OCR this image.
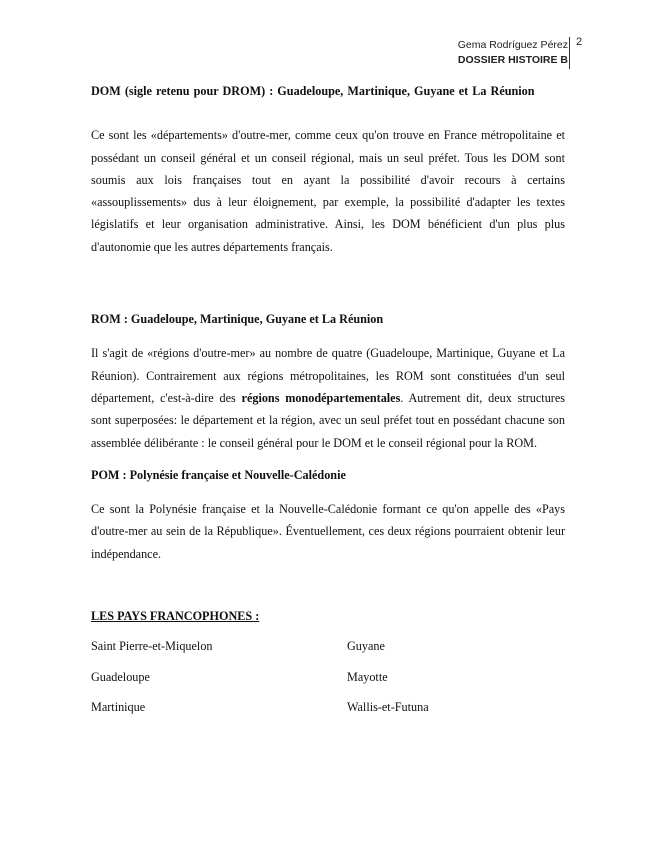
Gema Rodríguez Pérez
DOSSIER HISTOIRE B
2

DOM (sigle retenu pour DROM) : Guadeloupe, Martinique, Guyane et La Réunion

Ce sont les «départements» d'outre-mer, comme ceux qu'on trouve en France métropolitaine et possédant un conseil général et un conseil régional, mais un seul préfet. Tous les DOM sont soumis aux lois françaises tout en ayant la possibilité d'avoir recours à certains «assouplissements» dus à leur éloignement, par exemple, la possibilité d'adapter les textes législatifs et leur organisation administrative. Ainsi, les DOM bénéficient d'un plus plus d'autonomie que les autres départements français.

ROM : Guadeloupe, Martinique, Guyane et La Réunion

Il s'agit de «régions d'outre-mer» au nombre de quatre (Guadeloupe, Martinique, Guyane et La Réunion). Contrairement aux régions métropolitaines, les ROM sont constituées d'un seul département, c'est-à-dire des régions monodépartementales. Autrement dit, deux structures sont superposées: le département et la région, avec un seul préfet tout en possédant chacune son assemblée délibérante : le conseil général pour le DOM et le conseil régional pour la ROM.

POM : Polynésie française et Nouvelle-Calédonie

Ce sont la Polynésie française et la Nouvelle-Calédonie formant ce qu'on appelle des «Pays d'outre-mer au sein de la République». Éventuellement, ces deux régions pourraient obtenir leur indépendance.

LES PAYS FRANCOPHONES :

Saint Pierre-et-Miquelon	Guyane
Guadeloupe	Mayotte
Martinique	Wallis-et-Futuna
